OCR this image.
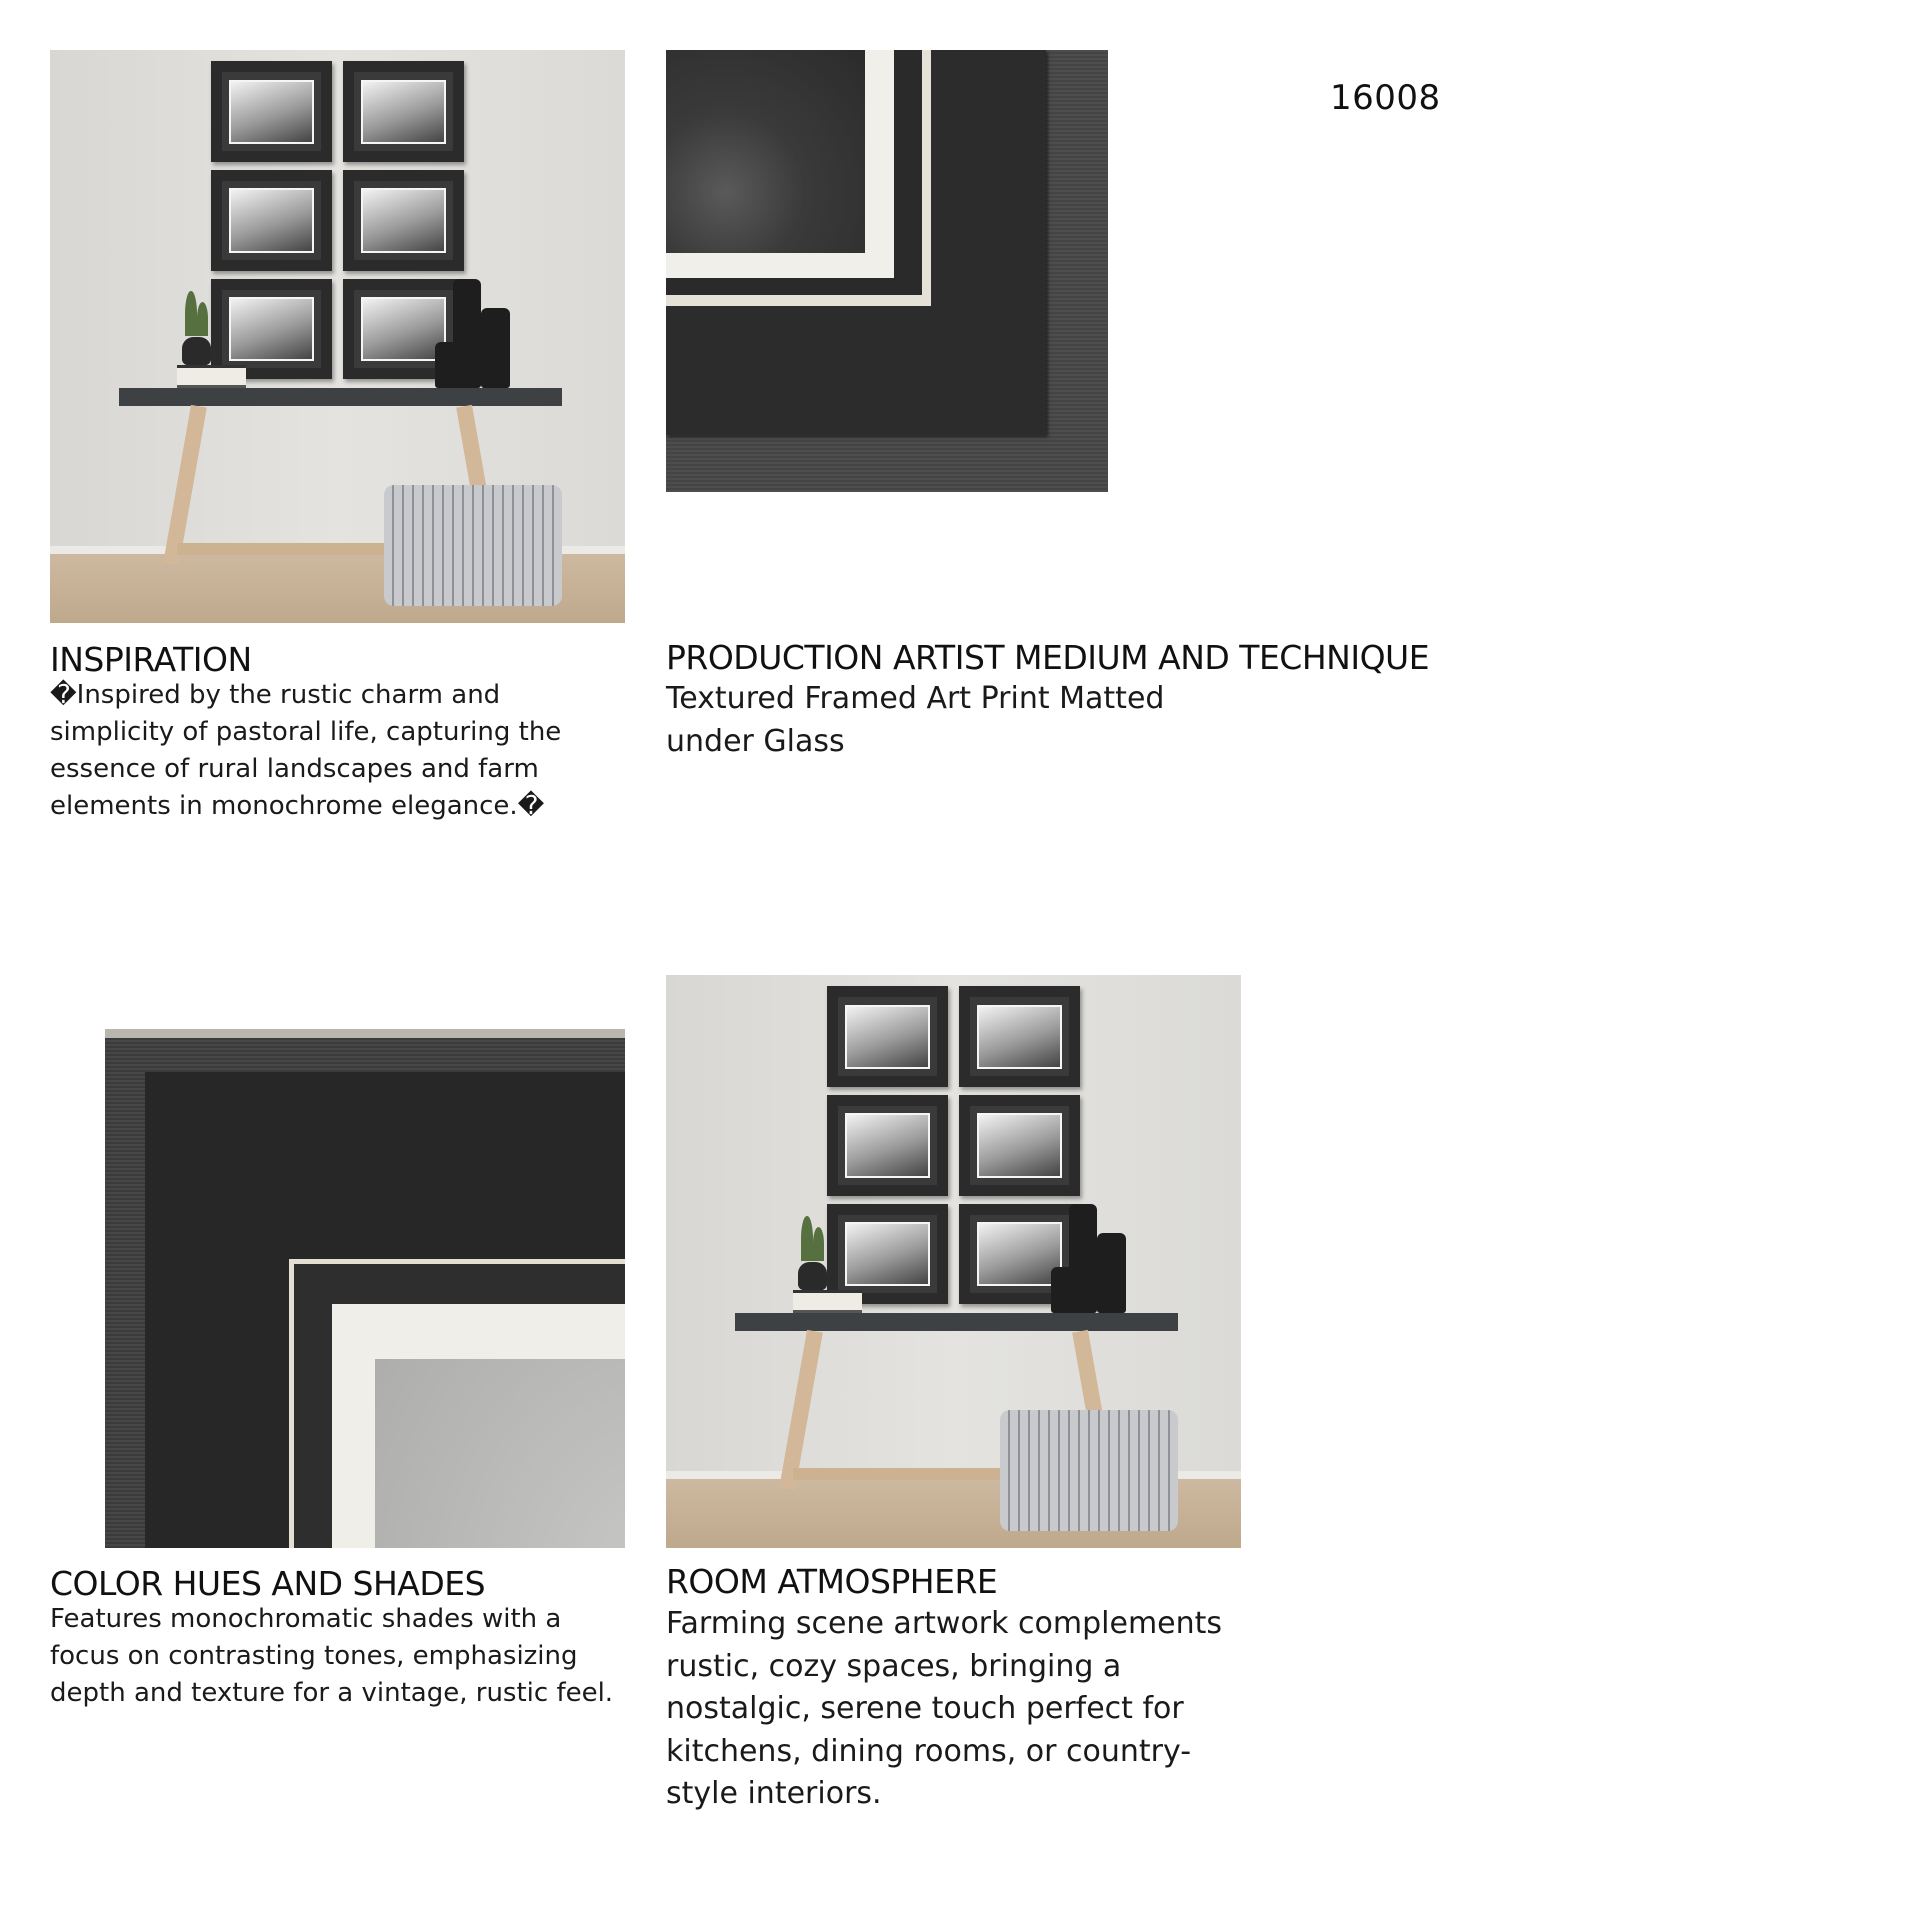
16008
INSPIRATION
�Inspired by the rustic charm and simplicity of pastoral life, capturing the essence of rural landscapes and farm elements in monochrome elegance.�
PRODUCTION ARTIST MEDIUM AND TECHNIQUE
Textured Framed Art Print Matted under Glass
COLOR HUES AND SHADES
Features monochromatic shades with a focus on contrasting tones, emphasizing depth and texture for a vintage, rustic feel.
ROOM ATMOSPHERE
Farming scene artwork complements rustic, cozy spaces, bringing a nostalgic, serene touch perfect for kitchens, dining rooms, or country-style interiors.
